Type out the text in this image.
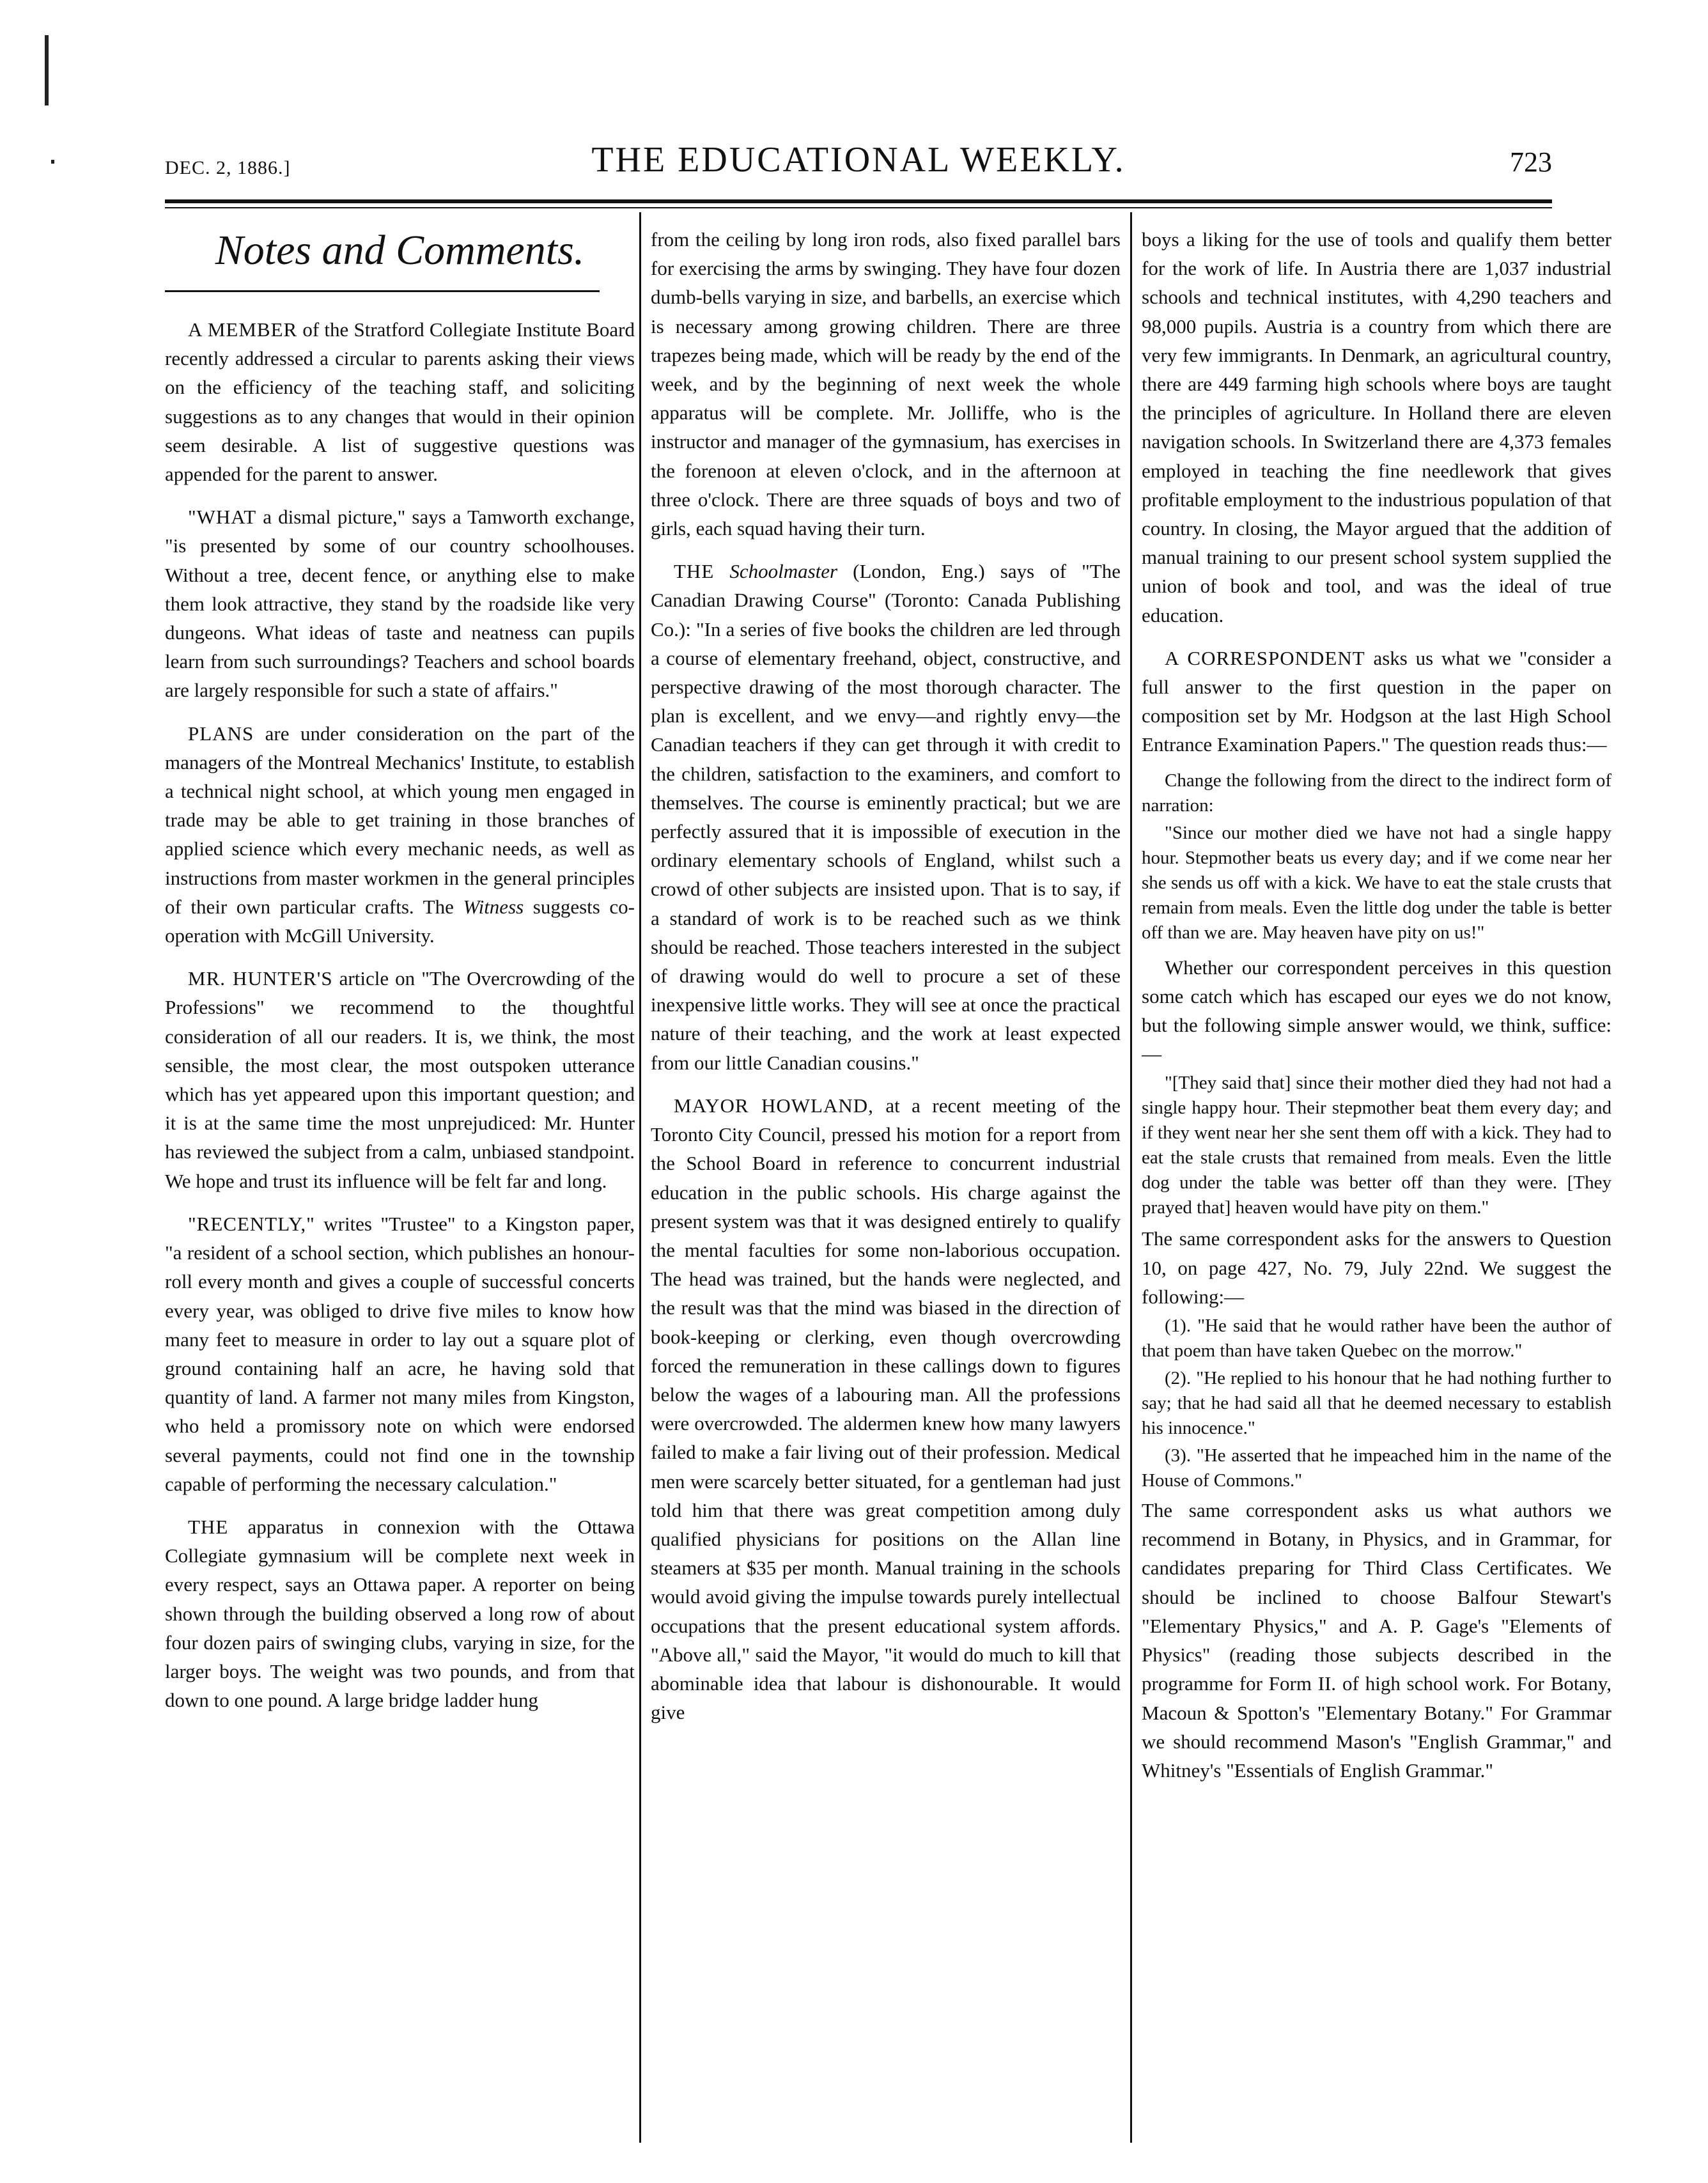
DEC. 2, 1886.]	THE EDUCATIONAL WEEKLY.	723
Notes and Comments.

A MEMBER of the Stratford Collegiate Institute Board recently addressed a circular to parents asking their views on the efficiency of the teaching staff, and soliciting suggestions as to any changes that would in their opinion seem desirable. A list of suggestive questions was appended for the parent to answer.

"WHAT a dismal picture," says a Tamworth exchange, "is presented by some of our country schoolhouses. Without a tree, decent fence, or anything else to make them look attractive, they stand by the roadside like very dungeons. What ideas of taste and neatness can pupils learn from such surroundings? Teachers and school boards are largely responsible for such a state of affairs."

PLANS are under consideration on the part of the managers of the Montreal Mechanics' Institute, to establish a technical night school, at which young men engaged in trade may be able to get training in those branches of applied science which every mechanic needs, as well as instructions from master workmen in the general principles of their own particular crafts. The Witness suggests co-operation with McGill University.

MR. HUNTER'S article on "The Overcrowding of the Professions" we recommend to the thoughtful consideration of all our readers. It is, we think, the most sensible, the most clear, the most outspoken utterance which has yet appeared upon this important question; and it is at the same time the most unprejudiced: Mr. Hunter has reviewed the subject from a calm, unbiased standpoint. We hope and trust its influence will be felt far and long.

"RECENTLY," writes "Trustee" to a Kingston paper, "a resident of a school section, which publishes an honour-roll every month and gives a couple of successful concerts every year, was obliged to drive five miles to know how many feet to measure in order to lay out a square plot of ground containing half an acre, he having sold that quantity of land. A farmer not many miles from Kingston, who held a promissory note on which were endorsed several payments, could not find one in the township capable of performing the necessary calculation."

THE apparatus in connexion with the Ottawa Collegiate gymnasium will be complete next week in every respect, says an Ottawa paper. A reporter on being shown through the building observed a long row of about four dozen pairs of swinging clubs, varying in size, for the larger boys. The weight was two pounds, and from that down to one pound. A large bridge ladder hung

from the ceiling by long iron rods, also fixed parallel bars for exercising the arms by swinging. They have four dozen dumb-bells varying in size, and barbells, an exercise which is necessary among growing children. There are three trapezes being made, which will be ready by the end of the week, and by the beginning of next week the whole apparatus will be complete. Mr. Jolliffe, who is the instructor and manager of the gymnasium, has exercises in the forenoon at eleven o'clock, and in the afternoon at three o'clock. There are three squads of boys and two of girls, each squad having their turn.

THE Schoolmaster (London, Eng.) says of "The Canadian Drawing Course" (Toronto: Canada Publishing Co.): "In a series of five books the children are led through a course of elementary freehand, object, constructive, and perspective drawing of the most thorough character. The plan is excellent, and we envy—and rightly envy—the Canadian teachers if they can get through it with credit to the children, satisfaction to the examiners, and comfort to themselves. The course is eminently practical; but we are perfectly assured that it is impossible of execution in the ordinary elementary schools of England, whilst such a crowd of other subjects are insisted upon. That is to say, if a standard of work is to be reached such as we think should be reached. Those teachers interested in the subject of drawing would do well to procure a set of these inexpensive little works. They will see at once the practical nature of their teaching, and the work at least expected from our little Canadian cousins."

MAYOR HOWLAND, at a recent meeting of the Toronto City Council, pressed his motion for a report from the School Board in reference to concurrent industrial education in the public schools. His charge against the present system was that it was designed entirely to qualify the mental faculties for some non-laborious occupation. The head was trained, but the hands were neglected, and the result was that the mind was biased in the direction of book-keeping or clerking, even though overcrowding forced the remuneration in these callings down to figures below the wages of a labouring man. All the professions were overcrowded. The aldermen knew how many lawyers failed to make a fair living out of their profession. Medical men were scarcely better situated, for a gentleman had just told him that there was great competition among duly qualified physicians for positions on the Allan line steamers at $35 per month. Manual training in the schools would avoid giving the impulse towards purely intellectual occupations that the present educational system affords. "Above all," said the Mayor, "it would do much to kill that abominable idea that labour is dishonourable. It would give

boys a liking for the use of tools and qualify them better for the work of life. In Austria there are 1,037 industrial schools and technical institutes, with 4,290 teachers and 98,000 pupils. Austria is a country from which there are very few immigrants. In Denmark, an agricultural country, there are 449 farming high schools where boys are taught the principles of agriculture. In Holland there are eleven navigation schools. In Switzerland there are 4,373 females employed in teaching the fine needlework that gives profitable employment to the industrious population of that country. In closing, the Mayor argued that the addition of manual training to our present school system supplied the union of book and tool, and was the ideal of true education.

A CORRESPONDENT asks us what we "consider a full answer to the first question in the paper on composition set by Mr. Hodgson at the last High School Entrance Examination Papers." The question reads thus:—

Change the following from the direct to the indirect form of narration:

"Since our mother died we have not had a single happy hour. Stepmother beats us every day; and if we come near her she sends us off with a kick. We have to eat the stale crusts that remain from meals. Even the little dog under the table is better off than we are. May heaven have pity on us!"

Whether our correspondent perceives in this question some catch which has escaped our eyes we do not know, but the following simple answer would, we think, suffice:—

"[They said that] since their mother died they had not had a single happy hour. Their stepmother beat them every day; and if they went near her she sent them off with a kick. They had to eat the stale crusts that remained from meals. Even the little dog under the table was better off than they were. [They prayed that] heaven would have pity on them."

The same correspondent asks for the answers to Question 10, on page 427, No. 79, July 22nd. We suggest the following:—

(1). "He said that he would rather have been the author of that poem than have taken Quebec on the morrow."

(2). "He replied to his honour that he had nothing further to say; that he had said all that he deemed necessary to establish his innocence."

(3). "He asserted that he impeached him in the name of the House of Commons."

The same correspondent asks us what authors we recommend in Botany, in Physics, and in Grammar, for candidates preparing for Third Class Certificates. We should be inclined to choose Balfour Stewart's "Elementary Physics," and A. P. Gage's "Elements of Physics" (reading those subjects described in the programme for Form II. of high school work. For Botany, Macoun & Spotton's "Elementary Botany." For Grammar we should recommend Mason's "English Grammar," and Whitney's "Essentials of English Grammar."
